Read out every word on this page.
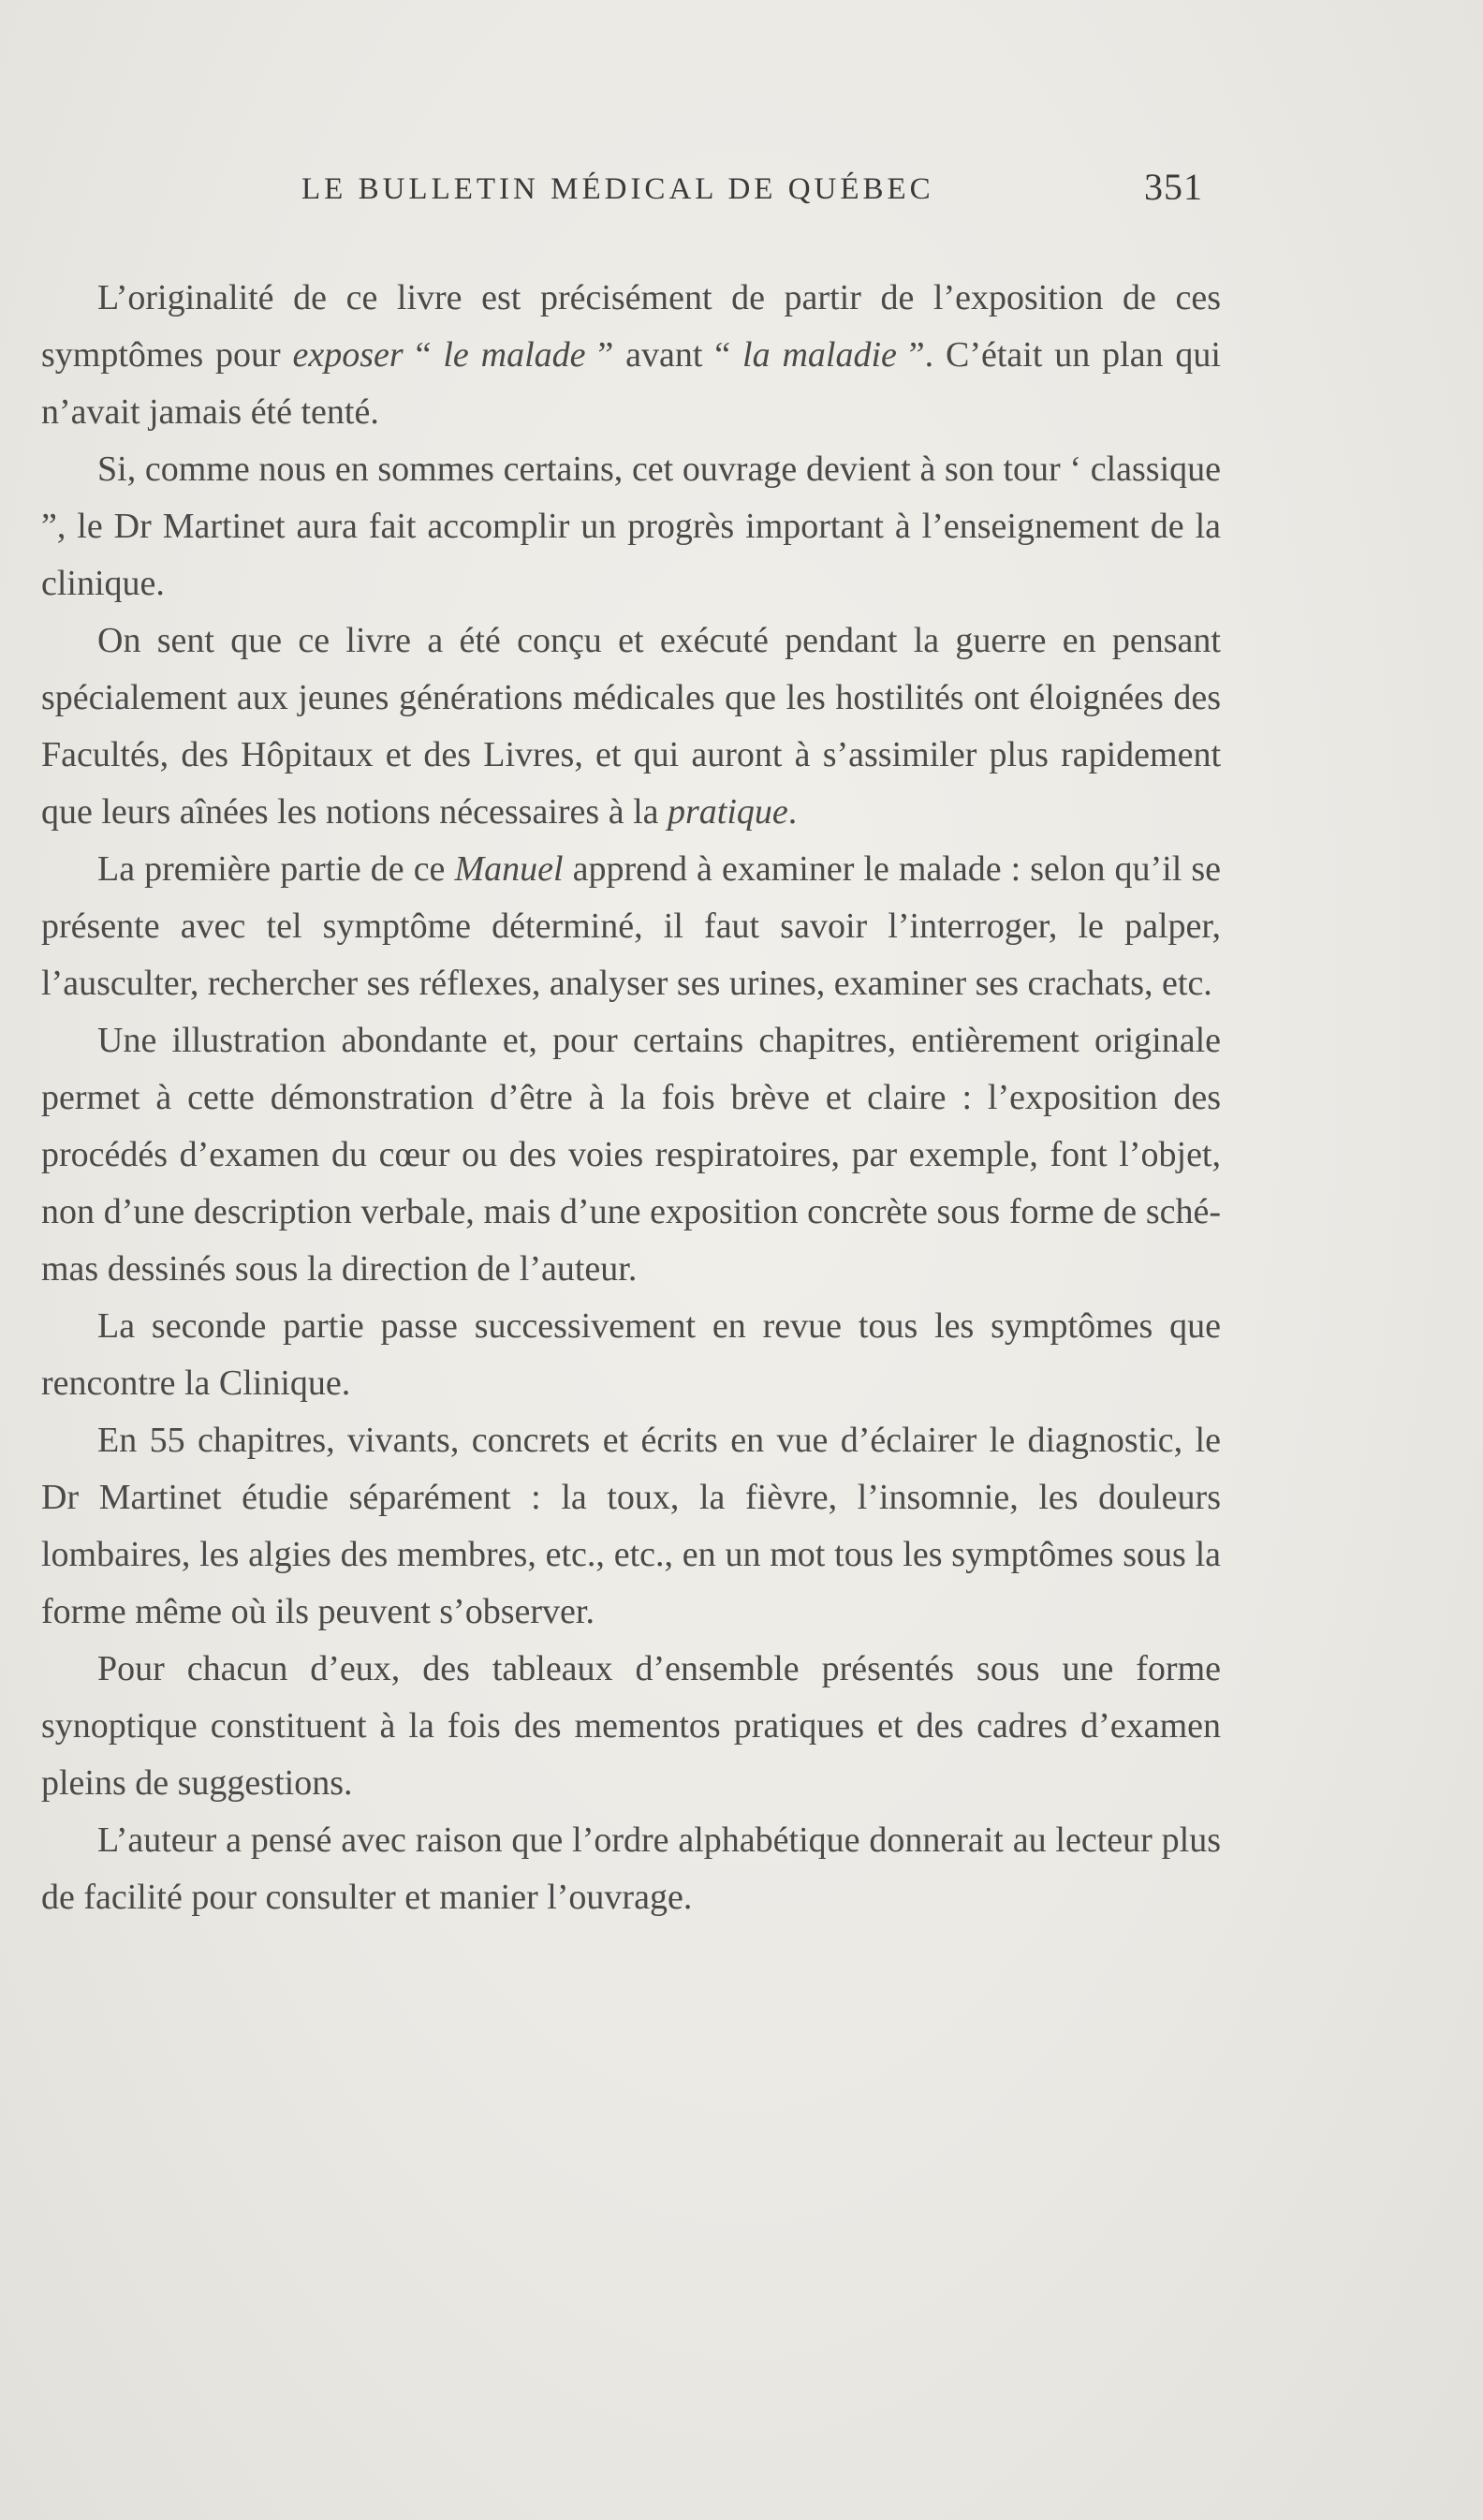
LE BULLETIN MÉDICAL DE QUÉBEC	351

L’originalité de ce livre est précisément de partir de l’exposition de ces symptômes pour exposer “ le malade ” avant “ la maladie ”. C’était un plan qui n’avait jamais été tenté.

Si, comme nous en sommes certains, cet ouvrage devient à son tour ‘ classique ”, le Dr Martinet aura fait accomplir un progrès important à l’enseignement de la clinique.

On sent que ce livre a été conçu et exécuté pendant la guerre en pensant spécialement aux jeunes générations médicales que les hostilités ont éloignées des Facultés, des Hôpitaux et des Livres, et qui auront à s’assimiler plus rapidement que leurs aînées les notions nécessaires à la pratique.

La première partie de ce Manuel apprend à examiner le malade : selon qu’il se présente avec tel symptôme déterminé, il faut savoir l’interroger, le palper, l’ausculter, rechercher ses réflexes, analyser ses urines, examiner ses crachats, etc.

Une illustration abondante et, pour certains chapitres, entièrement originale permet à cette démonstration d’être à la fois brève et claire : l’exposition des procédés d’examen du cœur ou des voies respiratoires, par exemple, font l’objet, non d’une description verbale, mais d’une exposition concrète sous forme de schémas dessinés sous la direction de l’auteur.

La seconde partie passe successivement en revue tous les symptômes que rencontre la Clinique.

En 55 chapitres, vivants, concrets et écrits en vue d’éclairer le diagnostic, le Dr Martinet étudie séparément : la toux, la fièvre, l’insomnie, les douleurs lombaires, les algies des membres, etc., etc., en un mot tous les symptômes sous la forme même où ils peuvent s’observer.

Pour chacun d’eux, des tableaux d’ensemble présentés sous une forme synoptique constituent à la fois des mementos pratiques et des cadres d’examen pleins de suggestions.

L’auteur a pensé avec raison que l’ordre alphabétique donnerait au lecteur plus de facilité pour consulter et manier l’ouvrage.
